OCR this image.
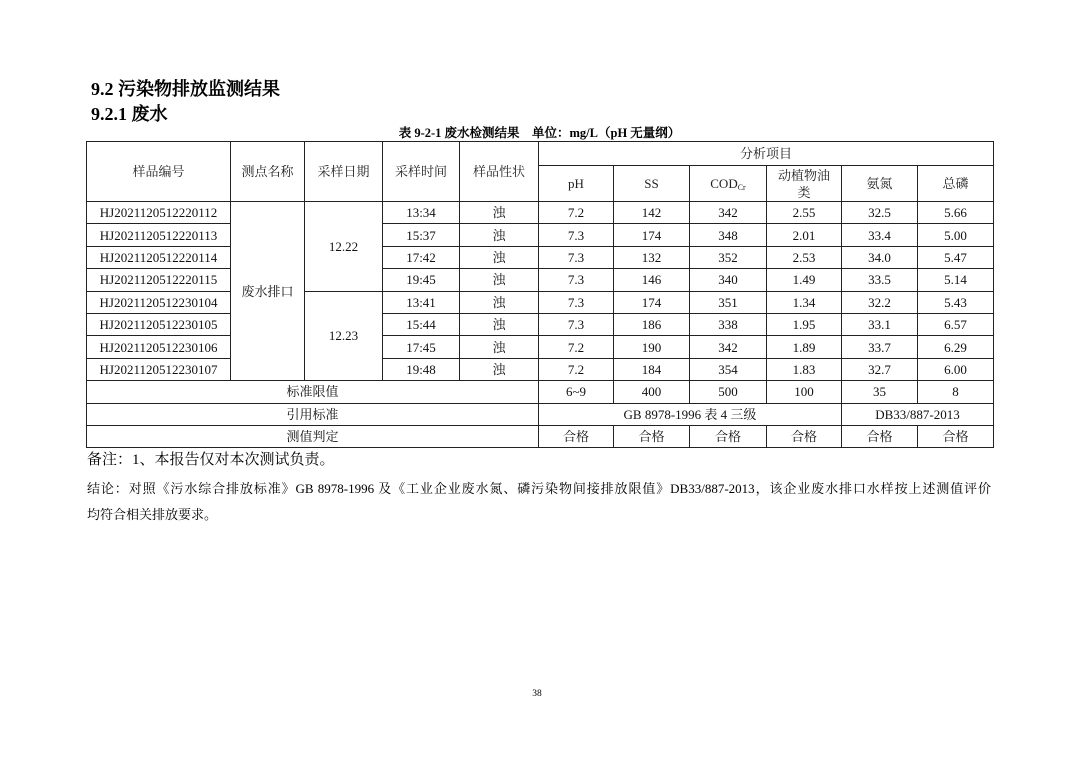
9.2 污染物排放监测结果
9.2.1 废水
表 9-2-1 废水检测结果　单位：mg/L（pH 无量纲）
样品编号	测点名称	采样日期	采样时间	样品性状	分析项目					
					pH	SS	$COD_{Cr}$	动植物油类	氨氮	总磷
HJ2021120512220112	废水排口	12.22	13:34	浊	7.2	142	342	2.55	32.5	5.66
HJ2021120512220113			15:37	浊	7.3	174	348	2.01	33.4	5.00
HJ2021120512220114			17:42	浊	7.3	132	352	2.53	34.0	5.47
HJ2021120512220115			19:45	浊	7.3	146	340	1.49	33.5	5.14
HJ2021120512230104		12.23	13:41	浊	7.3	174	351	1.34	32.2	5.43
HJ2021120512230105			15:44	浊	7.3	186	338	1.95	33.1	6.57
HJ2021120512230106			17:45	浊	7.2	190	342	1.89	33.7	6.29
HJ2021120512230107			19:48	浊	7.2	184	354	1.83	32.7	6.00
标准限值					6~9	400	500	100	35	8
引用标准					GB 8978-1996 表 4 三级				DB33/887-2013	
测值判定					合格	合格	合格	合格	合格	合格
备注：1、本报告仅对本次测试负责。
结论：对照《污水综合排放标准》GB 8978-1996 及《工业企业废水氮、磷污染物间接排放限值》DB33/887-2013，该企业废水排口水样按上述测值评价
均符合相关排放要求。
38
